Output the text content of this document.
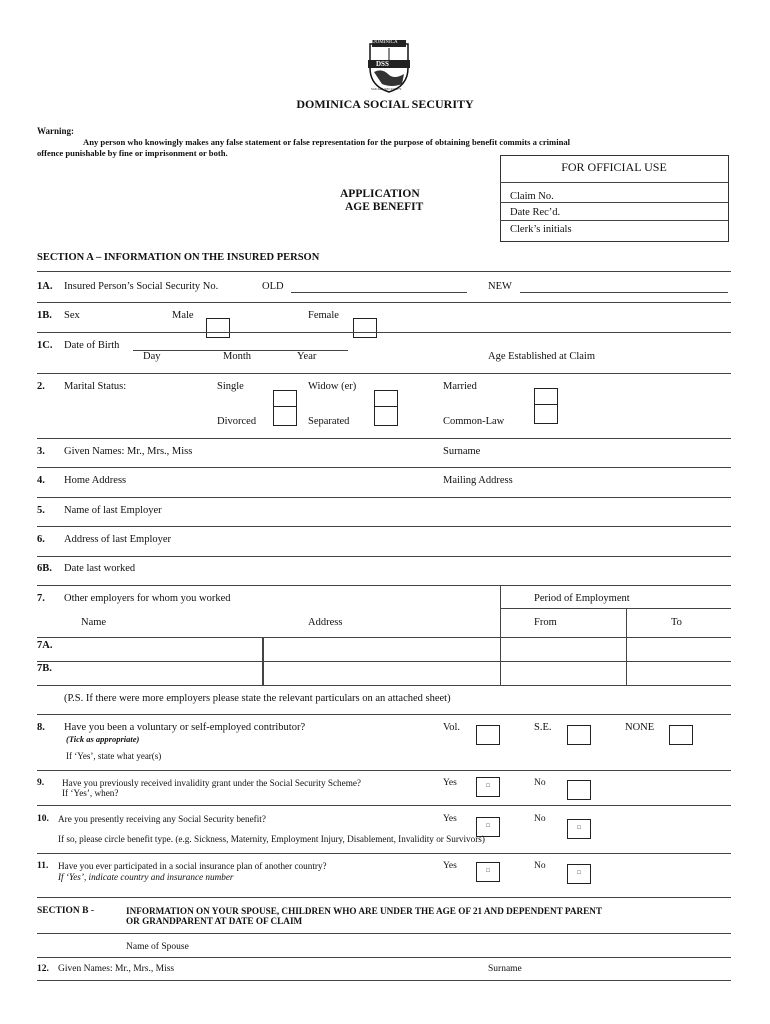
DOMINICA
DSS
SOCIAL SECURITY
DOMINICA SOCIAL SECURITY
Warning:
Any person who knowingly makes any false statement or false representation for the purpose of obtaining benefit commits a criminal
offence punishable by fine or imprisonment or both.
FOR OFFICIAL USE
Claim No.
Date Rec’d.
Clerk’s initials
APPLICATION
AGE BENEFIT
SECTION A – INFORMATION ON THE INSURED PERSON
1A. Insured Person’s Social Security No.	OLD	NEW
1B. Sex	Male	Female
1C. Date of Birth
Day	Month	Year	Age Established at Claim
2. Marital Status:	Single	Widow (er)	Married
Divorced	Separated	Common-Law
3. Given Names: Mr., Mrs., Miss	Surname
4. Home Address	Mailing Address
5. Name of last Employer
6. Address of last Employer
6B. Date last worked
7. Other employers for whom you worked	Period of Employment
Name	Address	From	To
7A.
7B.
(P.S. If there were more employers please state the relevant particulars on an attached sheet)
8. Have you been a voluntary or self-employed contributor?
(Tick as appropriate)
Vol.	S.E.	NONE
If ‘Yes’, state what year(s)
9. Have you previously received invalidity grant under the Social Security Scheme?	Yes	□	No
If ‘Yes’, when?
10. Are you presently receiving any Social Security benefit?	Yes
□
No
□
If so, please circle benefit type. (e.g. Sickness, Maternity, Employment Injury, Disablement, Invalidity or Survivors)
11. Have you ever participated in a social insurance plan of another country?	Yes	□	No
□
If ‘Yes’, indicate country and insurance number
SECTION B -	INFORMATION ON YOUR SPOUSE, CHILDREN WHO ARE UNDER THE AGE OF 21 AND DEPENDENT PARENT
OR GRANDPARENT AT DATE OF CLAIM
Name of Spouse
12. Given Names: Mr., Mrs., Miss	Surname
